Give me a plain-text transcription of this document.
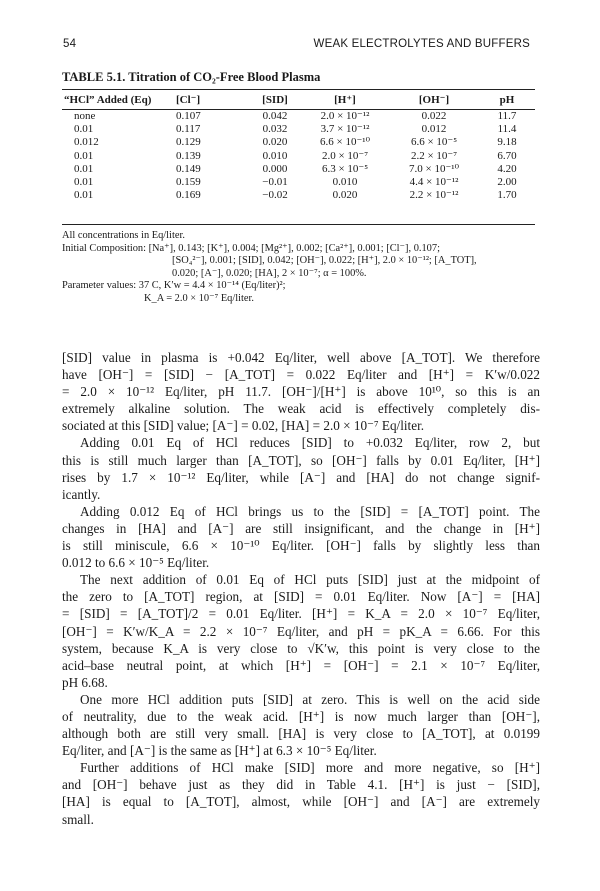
54	WEAK ELECTROLYTES AND BUFFERS
TABLE 5.1. Titration of CO₂-Free Blood Plasma
“HCl” Added (Eq)	[Cl⁻]	[SID]	[H⁺]	[OH⁻]	pH
none	0.107	0.042	2.0 × 10⁻¹²	0.022	11.7
0.01	0.117	0.032	3.7 × 10⁻¹²	0.012	11.4
0.012	0.129	0.020	6.6 × 10⁻¹⁰	6.6 × 10⁻⁵	9.18
0.01	0.139	0.010	2.0 × 10⁻⁷	2.2 × 10⁻⁷	6.70
0.01	0.149	0.000	6.3 × 10⁻⁵	7.0 × 10⁻¹⁰	4.20
0.01	0.159	−0.01	0.010	4.4 × 10⁻¹²	2.00
0.01	0.169	−0.02	0.020	2.2 × 10⁻¹²	1.70
All concentrations in Eq/liter.
Initial Composition: [Na⁺], 0.143; [K⁺], 0.004; [Mg²⁺], 0.002; [Ca²⁺], 0.001; [Cl⁻], 0.107;
[SO₄²⁻], 0.001; [SID], 0.042; [OH⁻], 0.022; [H⁺], 2.0 × 10⁻¹²; [A_TOT],
0.020; [A⁻], 0.020; [HA], 2 × 10⁻⁷; α = 100%.
Parameter values: 37 C, K′w = 4.4 × 10⁻¹⁴ (Eq/liter)²;
K_A = 2.0 × 10⁻⁷ Eq/liter.

[SID] value in plasma is +0.042 Eq/liter, well above [A_TOT]. We therefore
have [OH⁻] = [SID] − [A_TOT] = 0.022 Eq/liter and [H⁺] = K′w/0.022
= 2.0 × 10⁻¹² Eq/liter, pH 11.7. [OH⁻]/[H⁺] is above 10¹⁰, so this is an
extremely alkaline solution. The weak acid is effectively completely dis-
sociated at this [SID] value; [A⁻] = 0.02, [HA] = 2.0 × 10⁻⁷ Eq/liter.

Adding 0.01 Eq of HCl reduces [SID] to +0.032 Eq/liter, row 2, but
this is still much larger than [A_TOT], so [OH⁻] falls by 0.01 Eq/liter, [H⁺]
rises by 1.7 × 10⁻¹² Eq/liter, while [A⁻] and [HA] do not change signif-
icantly.

Adding 0.012 Eq of HCl brings us to the [SID] = [A_TOT] point. The
changes in [HA] and [A⁻] are still insignificant, and the change in [H⁺]
is still miniscule, 6.6 × 10⁻¹⁰ Eq/liter. [OH⁻] falls by slightly less than
0.012 to 6.6 × 10⁻⁵ Eq/liter.

The next addition of 0.01 Eq of HCl puts [SID] just at the midpoint of
the zero to [A_TOT] region, at [SID] = 0.01 Eq/liter. Now [A⁻] = [HA]
= [SID] = [A_TOT]/2 = 0.01 Eq/liter. [H⁺] = K_A = 2.0 × 10⁻⁷ Eq/liter,
[OH⁻] = K′w/K_A = 2.2 × 10⁻⁷ Eq/liter, and pH = pK_A = 6.66. For this
system, because K_A is very close to √K′w, this point is very close to the
acid–base neutral point, at which [H⁺] = [OH⁻] = 2.1 × 10⁻⁷ Eq/liter,
pH 6.68.

One more HCl addition puts [SID] at zero. This is well on the acid side
of neutrality, due to the weak acid. [H⁺] is now much larger than [OH⁻],
although both are still very small. [HA] is very close to [A_TOT], at 0.0199
Eq/liter, and [A⁻] is the same as [H⁺] at 6.3 × 10⁻⁵ Eq/liter.

Further additions of HCl make [SID] more and more negative, so [H⁺]
and [OH⁻] behave just as they did in Table 4.1. [H⁺] is just − [SID],
[HA] is equal to [A_TOT], almost, while [OH⁻] and [A⁻] are extremely
small.
